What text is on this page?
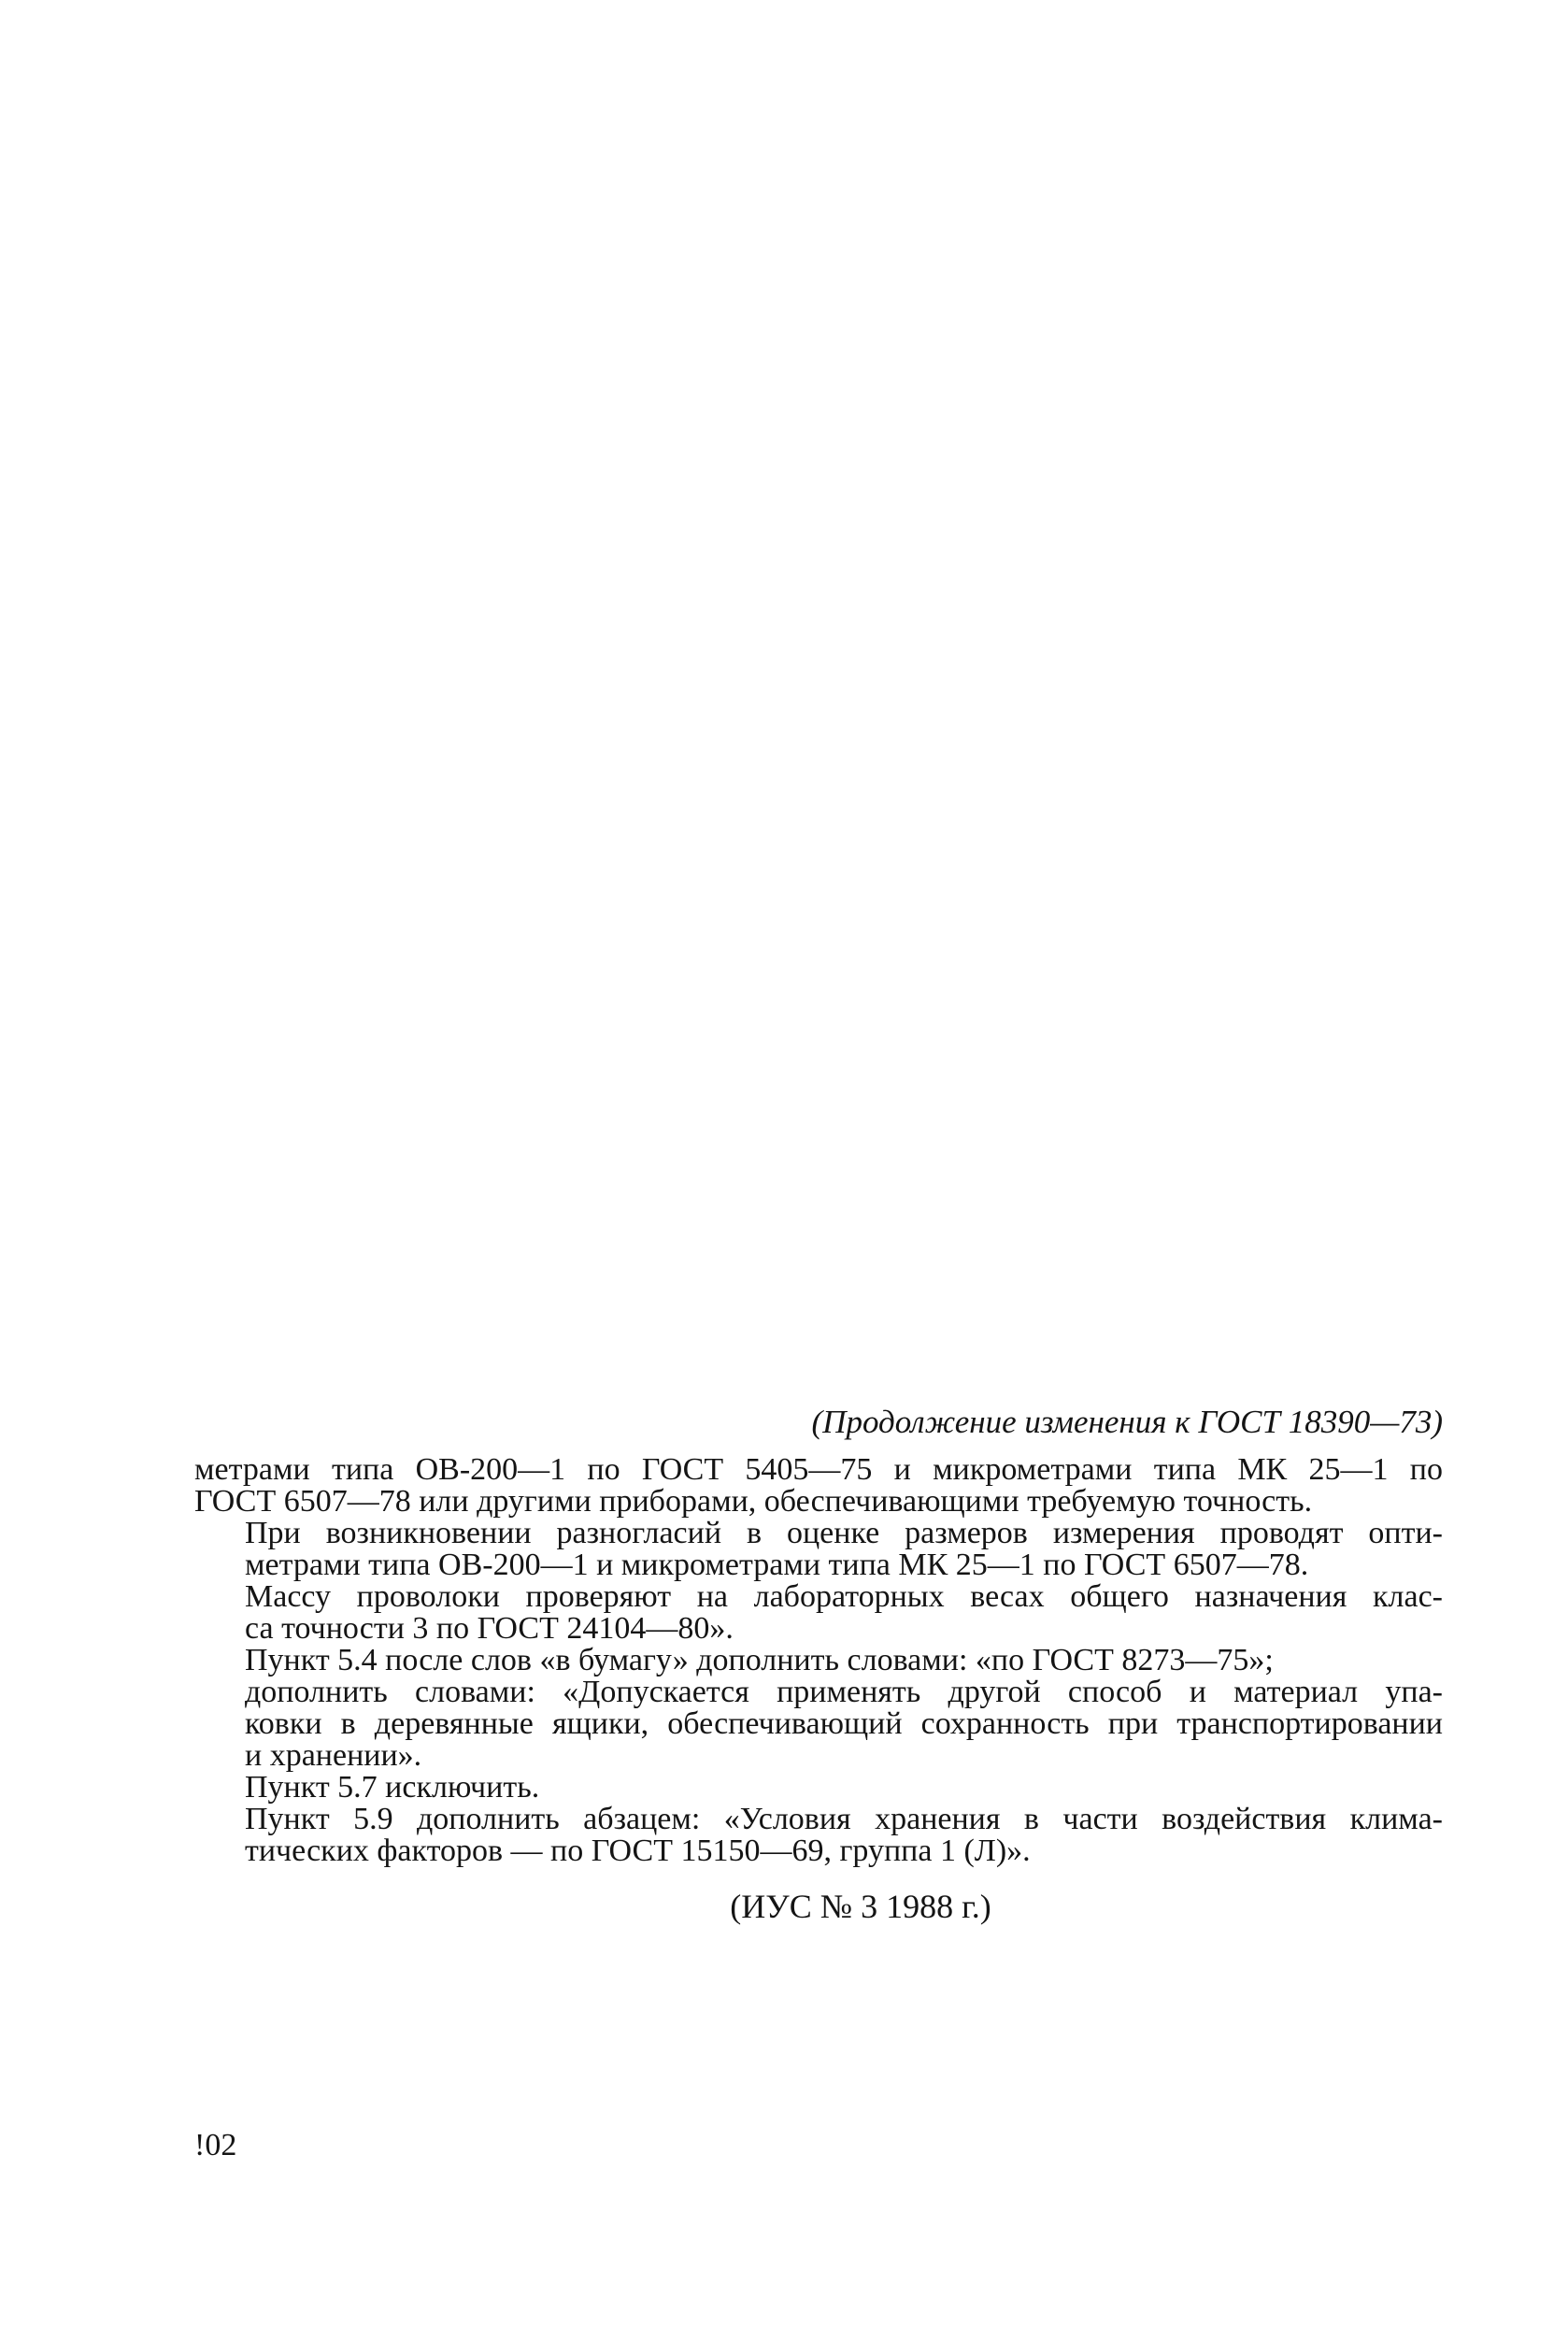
(Продолжение изменения к ГОСТ 18390—73)

метрами типа ОВ-200—1 по ГОСТ 5405—75 и микрометрами типа МК 25—1 по
ГОСТ 6507—78 или другими приборами, обеспечивающими требуемую точность.

При возникновении разногласий в оценке размеров измерения проводят опти-
метрами типа ОВ-200—1 и микрометрами типа МК 25—1 по ГОСТ 6507—78.

Массу проволоки проверяют на лабораторных весах общего назначения клас-
са точности 3 по ГОСТ 24104—80».

Пункт 5.4 после слов «в бумагу» дополнить словами: «по ГОСТ 8273—75»;

дополнить словами: «Допускается применять другой способ и материал упа-
ковки в деревянные ящики, обеспечивающий сохранность при транспортировании
и хранении».

Пункт 5.7 исключить.

Пункт 5.9 дополнить абзацем: «Условия хранения в части воздействия клима-
тических факторов — по ГОСТ 15150—69, группа 1 (Л)».

(ИУС № 3 1988 г.)

!02
